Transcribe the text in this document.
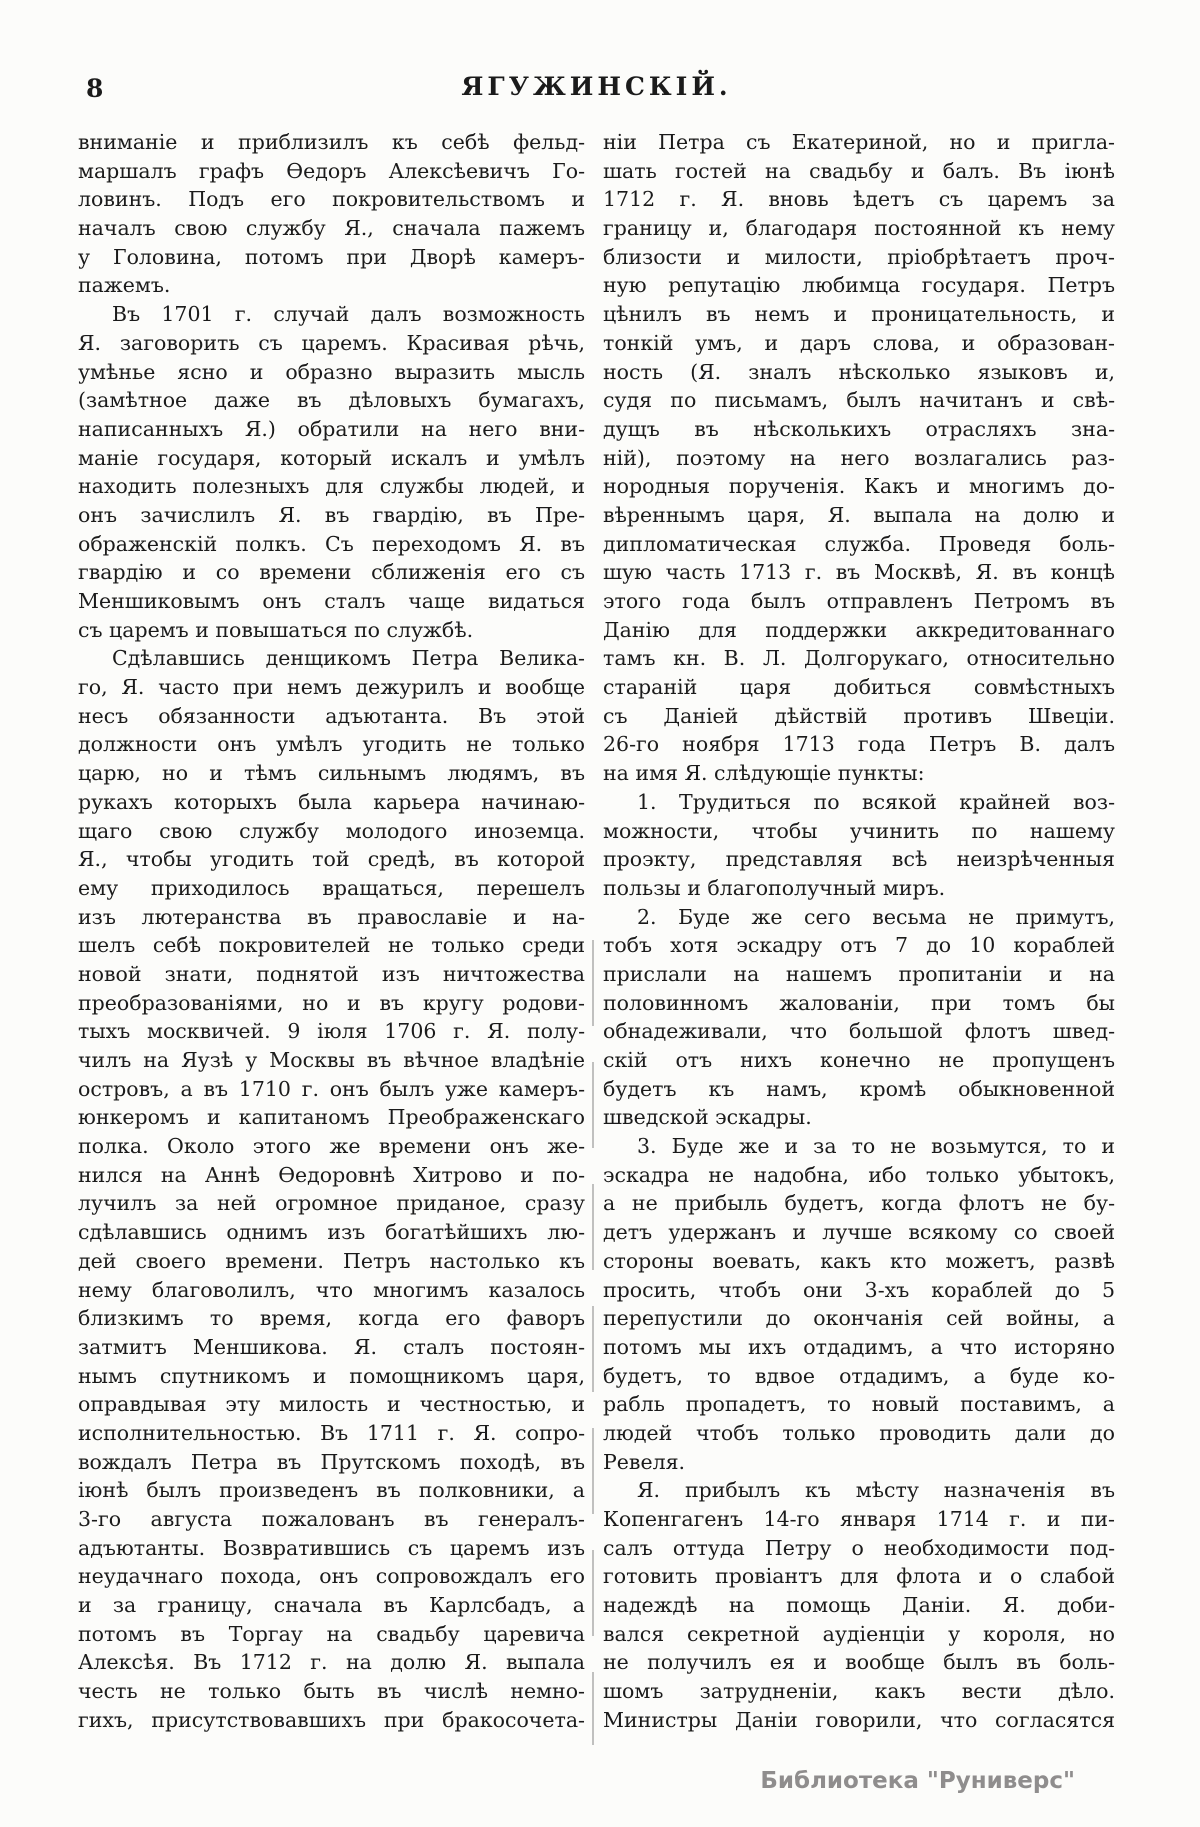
8	ЯГУЖИНСКІЙ.
вниманіе и приблизилъ къ себѣ фельд-
маршалъ графъ Ѳедоръ Алексѣевичъ Го-
ловинъ. Подъ его покровительствомъ и
началъ свою службу Я., сначала пажемъ
у Головина, потомъ при Дворѣ камеръ-
пажемъ.
Въ 1701 г. случай далъ возможность
Я. заговорить съ царемъ. Красивая рѣчь,
умѣнье ясно и образно выразить мысль
(замѣтное даже въ дѣловыхъ бумагахъ,
написанныхъ Я.) обратили на него вни-
маніе государя, который искалъ и умѣлъ
находить полезныхъ для службы людей, и
онъ зачислилъ Я. въ гвардію, въ Пре-
ображенскій полкъ. Съ переходомъ Я. въ
гвардію и со времени сближенія его съ
Меншиковымъ онъ сталъ чаще видаться
съ царемъ и повышаться по службѣ.
Сдѣлавшись денщикомъ Петра Велика-
го, Я. часто при немъ дежурилъ и вообще
несъ обязанности адъютанта. Въ этой
должности онъ умѣлъ угодить не только
царю, но и тѣмъ сильнымъ людямъ, въ
рукахъ которыхъ была карьера начинаю-
щаго свою службу молодого иноземца.
Я., чтобы угодить той средѣ, въ которой
ему приходилось вращаться, перешелъ
изъ лютеранства въ православіе и на-
шелъ себѣ покровителей не только среди
новой знати, поднятой изъ ничтожества
преобразованіями, но и въ кругу родови-
тыхъ москвичей. 9 іюля 1706 г. Я. полу-
чилъ на Яузѣ у Москвы въ вѣчное владѣніе
островъ, а въ 1710 г. онъ былъ уже камеръ-
юнкеромъ и капитаномъ Преображенскаго
полка. Около этого же времени онъ же-
нился на Аннѣ Ѳедоровнѣ Хитрово и по-
лучилъ за ней огромное приданое, сразу
сдѣлавшись однимъ изъ богатѣйшихъ лю-
дей своего времени. Петръ настолько къ
нему благоволилъ, что многимъ казалось
близкимъ то время, когда его фаворъ
затмитъ Меншикова. Я. сталъ постоян-
нымъ спутникомъ и помощникомъ царя,
оправдывая эту милость и честностью, и
исполнительностью. Въ 1711 г. Я. сопро-
вождалъ Петра въ Прутскомъ походѣ, въ
іюнѣ былъ произведенъ въ полковники, а
3-го августа пожалованъ въ генералъ-
адъютанты. Возвратившись съ царемъ изъ
неудачнаго похода, онъ сопровождалъ его
и за границу, сначала въ Карлсбадъ, а
потомъ въ Торгау на свадьбу царевича
Алексѣя. Въ 1712 г. на долю Я. выпала
честь не только быть въ числѣ немно-
гихъ, присутствовавшихъ при бракосочета-
ніи Петра съ Екатериной, но и пригла-
шать гостей на свадьбу и балъ. Въ іюнѣ
1712 г. Я. вновь ѣдетъ съ царемъ за
границу и, благодаря постоянной къ нему
близости и милости, пріобрѣтаетъ проч-
ную репутацію любимца государя. Петръ
цѣнилъ въ немъ и проницательность, и
тонкій умъ, и даръ слова, и образован-
ность (Я. зналъ нѣсколько языковъ и,
судя по письмамъ, былъ начитанъ и свѣ-
дущъ въ нѣсколькихъ отрасляхъ зна-
ній), поэтому на него возлагались раз-
нородныя порученія. Какъ и многимъ до-
вѣреннымъ царя, Я. выпала на долю и
дипломатическая служба. Проведя боль-
шую часть 1713 г. въ Москвѣ, Я. въ концѣ
этого года былъ отправленъ Петромъ въ
Данію для поддержки аккредитованнаго
тамъ кн. В. Л. Долгорукаго, относительно
стараній царя добиться совмѣстныхъ
съ Даніей дѣйствій противъ Швеціи.
26-го ноября 1713 года Петръ В. далъ
на имя Я. слѣдующіе пункты:
1. Трудиться по всякой крайней воз-
можности, чтобы учинить по нашему
проэкту, представляя всѣ неизрѣченныя
пользы и благополучный миръ.
2. Буде же сего весьма не примутъ,
тобъ хотя эскадру отъ 7 до 10 кораблей
прислали на нашемъ пропитаніи и на
половинномъ жалованіи, при томъ бы
обнадеживали, что большой флотъ швед-
скій отъ нихъ конечно не пропущенъ
будетъ къ намъ, кромѣ обыкновенной
шведской эскадры.
3. Буде же и за то не возьмутся, то и
эскадра не надобна, ибо только убытокъ,
а не прибыль будетъ, когда флотъ не бу-
детъ удержанъ и лучше всякому со своей
стороны воевать, какъ кто можетъ, развѣ
просить, чтобъ они 3-хъ кораблей до 5
перепустили до окончанія сей войны, а
потомъ мы ихъ отдадимъ, а что исторяно
будетъ, то вдвое отдадимъ, а буде ко-
рабль пропадетъ, то новый поставимъ, а
людей чтобъ только проводить дали до
Ревеля.
Я. прибылъ къ мѣсту назначенія въ
Копенгагенъ 14-го января 1714 г. и пи-
салъ оттуда Петру о необходимости под-
готовить провіантъ для флота и о слабой
надеждѣ на помощь Даніи. Я. доби-
вался секретной аудіенціи у короля, но
не получилъ ея и вообще былъ въ боль-
шомъ затрудненіи, какъ вести дѣло.
Министры Даніи говорили, что согласятся
Библиотека "Руниверс"
